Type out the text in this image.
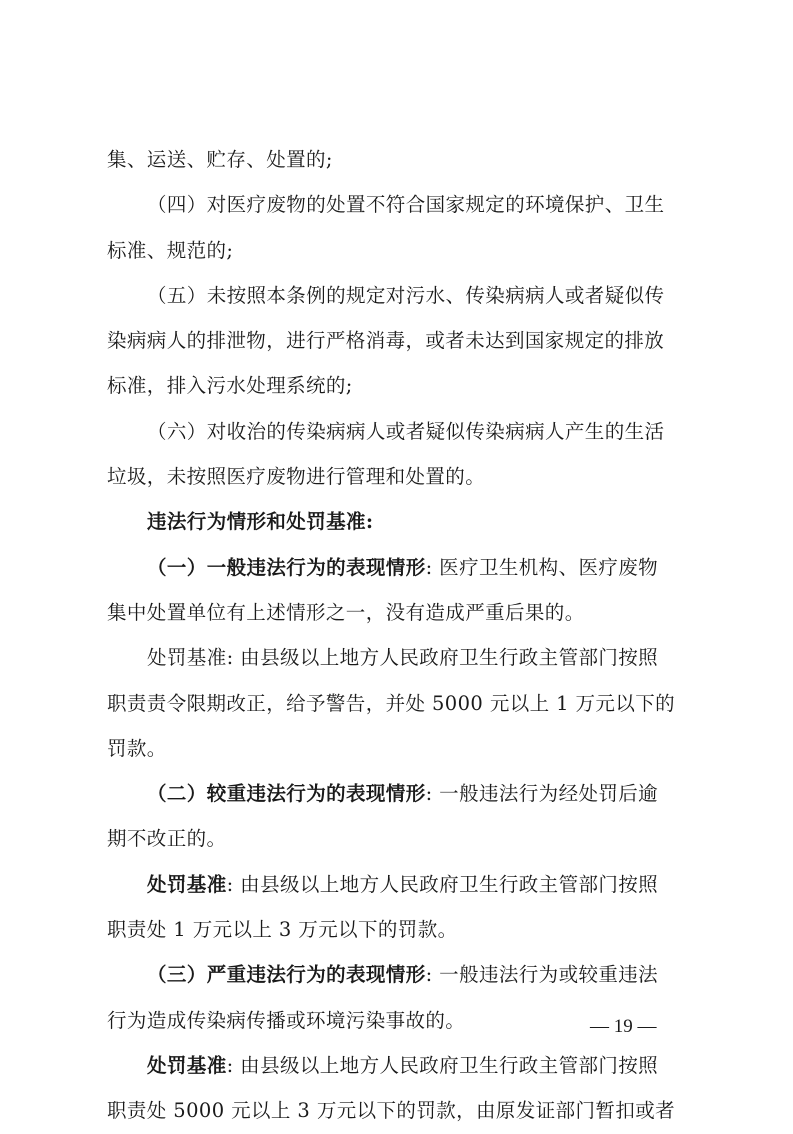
集、运送、贮存、处置的;
（四）对医疗废物的处置不符合国家规定的环境保护、卫生
标准、规范的;
（五）未按照本条例的规定对污水、传染病病人或者疑似传
染病病人的排泄物，进行严格消毒，或者未达到国家规定的排放
标准，排入污水处理系统的;
（六）对收治的传染病病人或者疑似传染病病人产生的生活
垃圾，未按照医疗废物进行管理和处置的。
违法行为情形和处罚基准:
（一）一般违法行为的表现情形: 医疗卫生机构、医疗废物
集中处置单位有上述情形之一，没有造成严重后果的。
处罚基准: 由县级以上地方人民政府卫生行政主管部门按照
职责责令限期改正，给予警告，并处 5000 元以上 1 万元以下的
罚款。
（二）较重违法行为的表现情形: 一般违法行为经处罚后逾
期不改正的。
处罚基准: 由县级以上地方人民政府卫生行政主管部门按照
职责处 1 万元以上 3 万元以下的罚款。
（三）严重违法行为的表现情形: 一般违法行为或较重违法
行为造成传染病传播或环境污染事故的。
处罚基准: 由县级以上地方人民政府卫生行政主管部门按照
职责处 5000 元以上 3 万元以下的罚款，由原发证部门暂扣或者
— 19 —
